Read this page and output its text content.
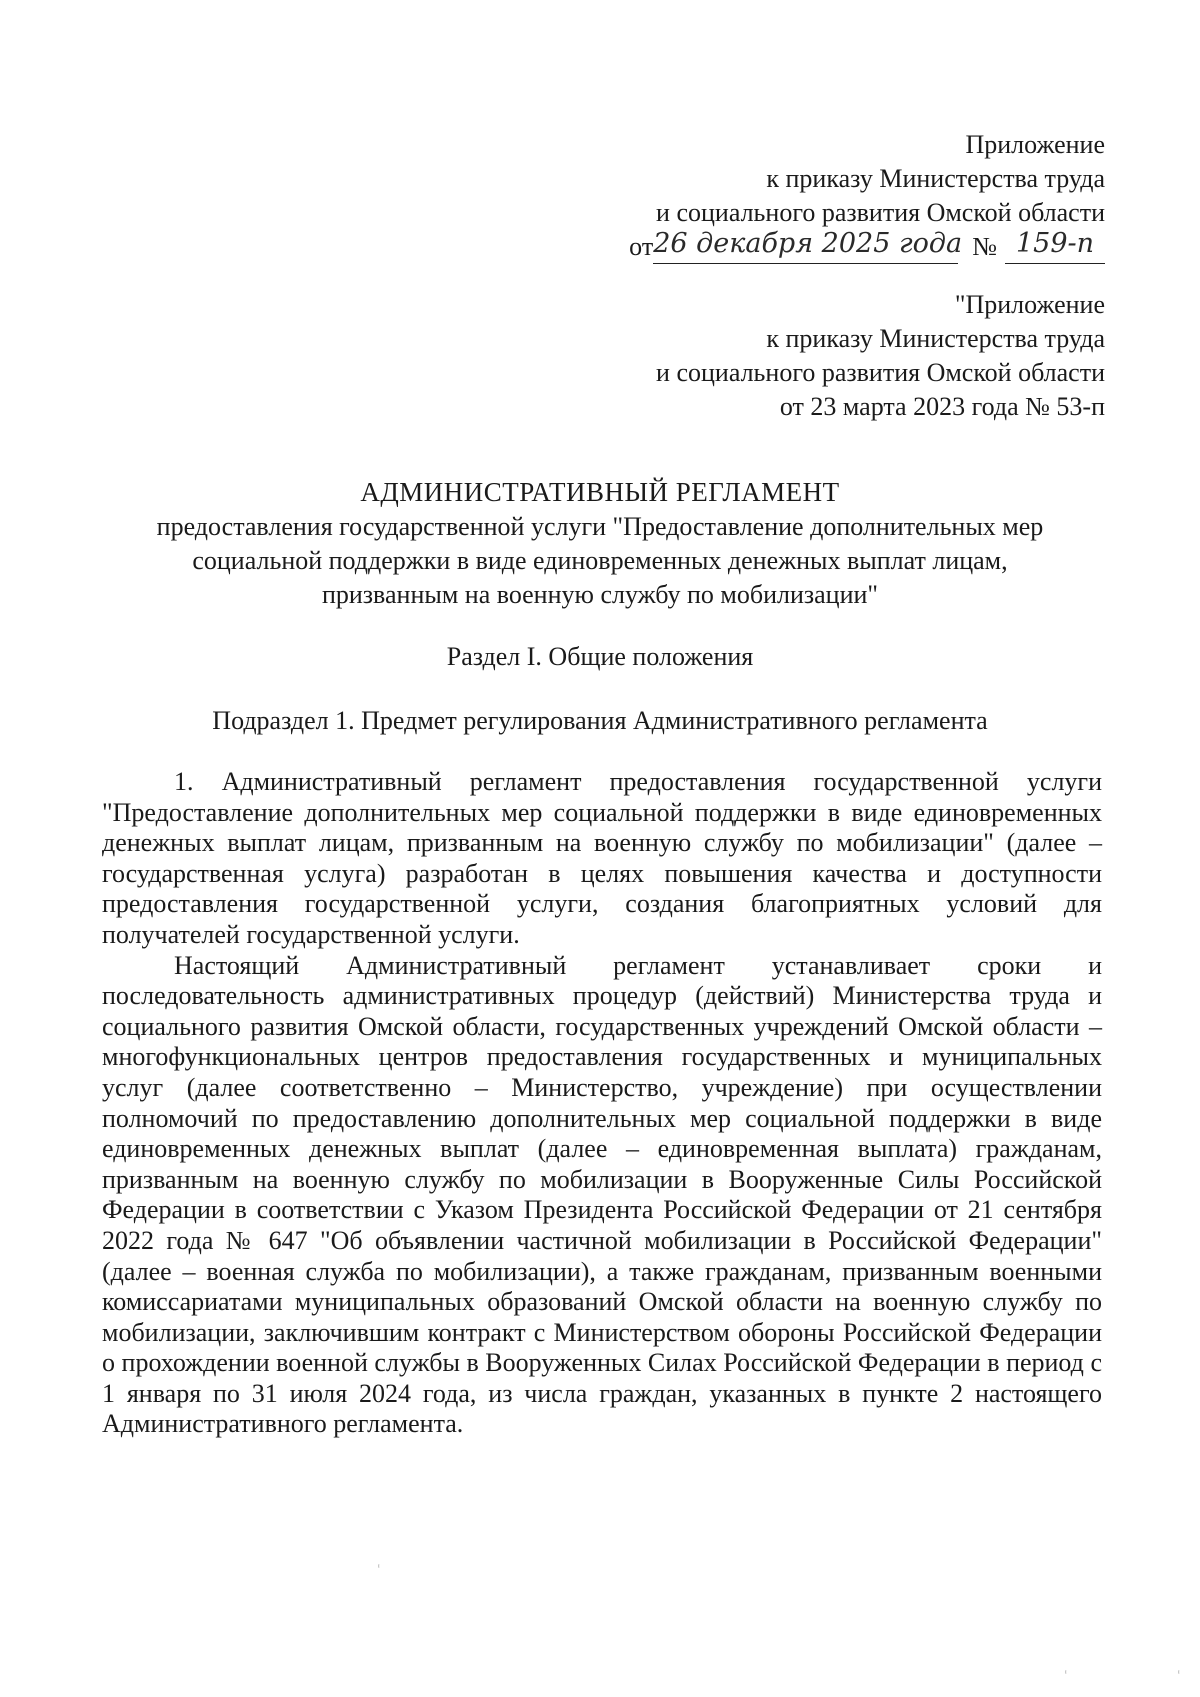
Приложение
к приказу Министерства труда
и социального развития Омской области
от26 декабря 2025 года № 159-п
"Приложение
к приказу Министерства труда
и социального развития Омской области
от 23 марта 2023 года № 53-п
АДМИНИСТРАТИВНЫЙ РЕГЛАМЕНТ
предоставления государственной услуги "Предоставление дополнительных мер
социальной поддержки в виде единовременных денежных выплат лицам,
призванным на военную службу по мобилизации"
Раздел I. Общие положения
Подраздел 1. Предмет регулирования Административного регламента

1. Административный регламент предоставления государственной услуги "Предоставление дополнительных мер социальной поддержки в виде единовременных денежных выплат лицам, призванным на военную службу по мобилизации" (далее – государственная услуга) разработан в целях повышения качества и доступности предоставления государственной услуги, создания благоприятных условий для получателей государственной услуги.

Настоящий Административный регламент устанавливает сроки и последовательность административных процедур (действий) Министерства труда и социального развития Омской области, государственных учреждений Омской области – многофункциональных центров предоставления государственных и муниципальных услуг (далее соответственно – Министерство, учреждение) при осуществлении полномочий по предоставлению дополнительных мер социальной поддержки в виде единовременных денежных выплат (далее – единовременная выплата) гражданам, призванным на военную службу по мобилизации в Вооруженные Силы Российской Федерации в соответствии с Указом Президента Российской Федерации от 21 сентября 2022 года № 647 "Об объявлении частичной мобилизации в Российской Федерации" (далее – военная служба по мобилизации), а также гражданам, призванным военными комиссариатами муниципальных образований Омской области на военную службу по мобилизации, заключившим контракт с Министерством обороны Российской Федерации о прохождении военной службы в Вооруженных Силах Российской Федерации в период с 1 января по 31 июля 2024 года, из числа граждан, указанных в пункте 2 настоящего Административного регламента.

ᶦ
ᶦ	ᶦ
